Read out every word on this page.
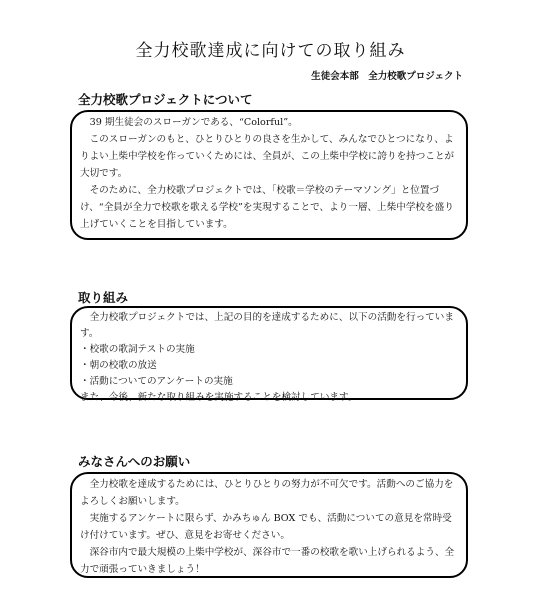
全力校歌達成に向けての取り組み
生徒会本部　全力校歌プロジェクト
全力校歌プロジェクトについて

39 期生徒会のスローガンである、“Colorful”。

このスローガンのもと、ひとりひとりの良さを生かして、みんなでひとつになり、よりよい上柴中学校を作っていくためには、全員が、この上柴中学校に誇りを持つことが大切です。

そのために、全力校歌プロジェクトでは、「校歌＝学校のテーマソング」と位置づけ、“全員が全力で校歌を歌える学校”を実現することで、より一層、上柴中学校を盛り上げていくことを目指しています。

取り組み

全力校歌プロジェクトでは、上記の目的を達成するために、以下の活動を行っています。

・校歌の歌詞テストの実施

・朝の校歌の放送

・活動についてのアンケートの実施

また、今後、新たな取り組みを実施することを検討しています。

みなさんへのお願い

全力校歌を達成するためには、ひとりひとりの努力が不可欠です。活動へのご協力をよろしくお願いします。

実施するアンケートに限らず、かみちゅん BOX でも、活動についての意見を常時受け付けています。ぜひ、意見をお寄せください。

深谷市内で最大規模の上柴中学校が、深谷市で一番の校歌を歌い上げられるよう、全力で頑張っていきましょう！
